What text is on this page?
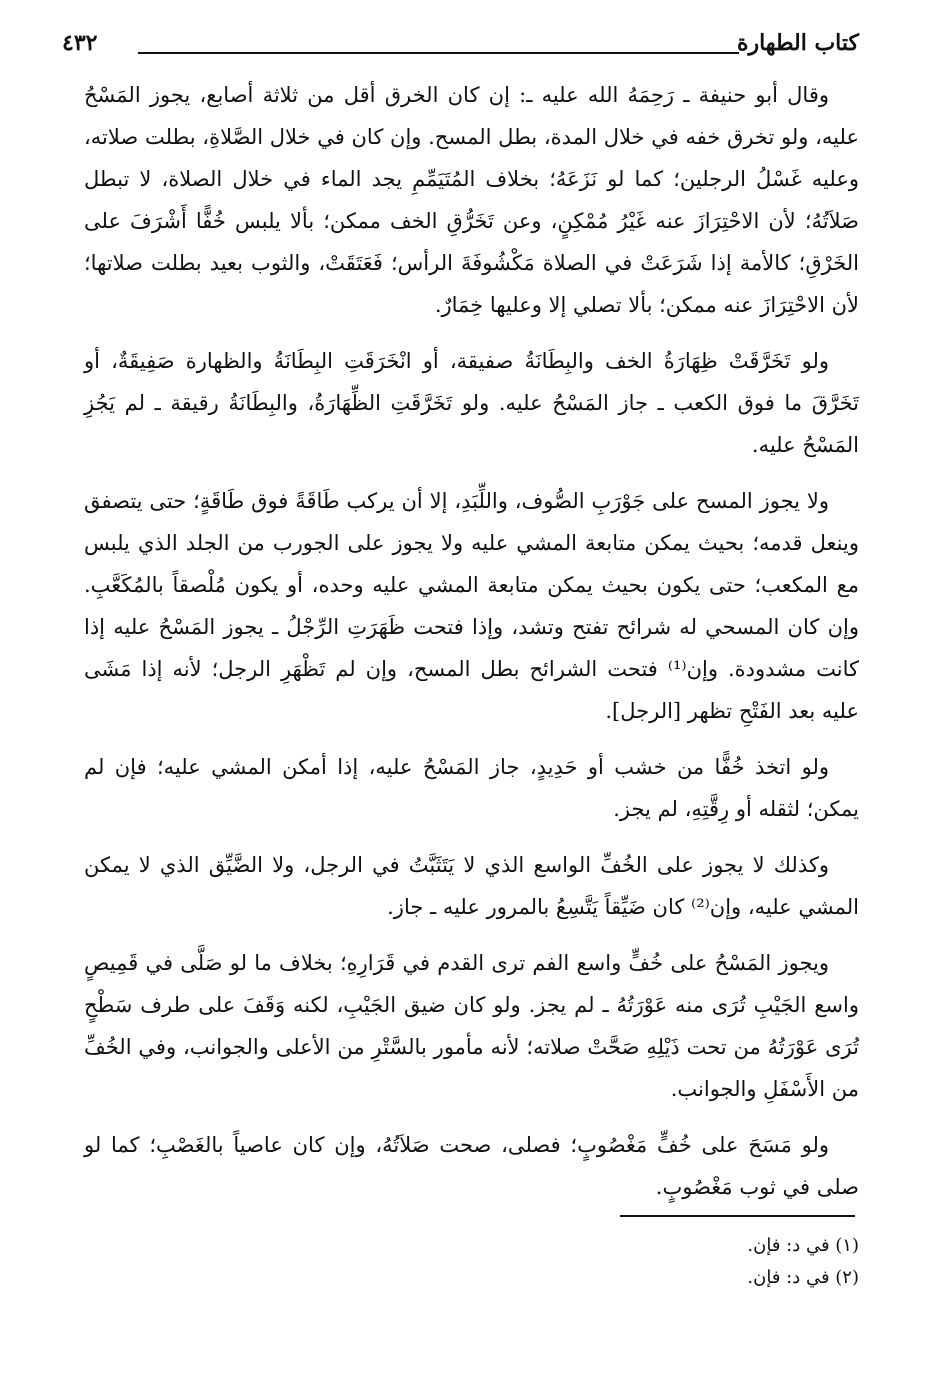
كتاب الطهارة
٤٣٢

وقال أبو حنيفة ـ رَحِمَهُ الله عليه ـ: إن كان الخرق أقل من ثلاثة أصابع، يجوز المَسْحُ عليه، ولو تخرق خفه في خلال المدة، بطل المسح. وإن كان في خلال الصَّلاةِ، بطلت صلاته، وعليه غَسْلُ الرجلين؛ كما لو نَزَعَهُ؛ بخلاف المُتَيَمِّمِ يجد الماء في خلال الصلاة، لا تبطل صَلاَتُهُ؛ لأن الاحْتِرَازَ عنه غَيْرُ مُمْكِنٍ، وعن تَخَرُّقِ الخف ممكن؛ بألا يلبس خُفًّا أَشْرَفَ على الخَرْقِ؛ كالأمة إذا شَرَعَتْ في الصلاة مَكْشُوفَةَ الرأس؛ فَعَتَقَتْ، والثوب بعيد بطلت صلاتها؛ لأن الاحْتِرَازَ عنه ممكن؛ بألا تصلي إلا وعليها خِمَارٌ.

ولو تَخَرَّقَتْ ظِهَارَةُ الخف والبِطَانَةُ صفيقة، أو انْخَرَقَتِ البِطَانَةُ والظهارة صَفِيقَةٌ، أو تَخَرَّقَ ما فوق الكعب ـ جاز المَسْحُ عليه. ولو تَخَرَّقَتِ الظِّهَارَةُ، والبِطَانَةُ رقيقة ـ لم يَجُزِ المَسْحُ عليه.

ولا يجوز المسح على جَوْرَبِ الصُّوف، واللِّبَدِ، إلا أن يركب طَاقَةً فوق طَاقَةٍ؛ حتى يتصفق وينعل قدمه؛ بحيث يمكن متابعة المشي عليه ولا يجوز على الجورب من الجلد الذي يلبس مع المكعب؛ حتى يكون بحيث يمكن متابعة المشي عليه وحده، أو يكون مُلْصقاً بالمُكَعَّبِ. وإن كان المسحي له شرائح تفتح وتشد، وإذا فتحت ظَهَرَتِ الرِّجْلُ ـ يجوز المَسْحُ عليه إذا كانت مشدودة. وإن⁽¹⁾ فتحت الشرائح بطل المسح، وإن لم تَظْهَرِ الرجل؛ لأنه إذا مَشَى عليه بعد الفَتْحِ تظهر [الرجل].

ولو اتخذ خُفًّا من خشب أو حَدِيدٍ، جاز المَسْحُ عليه، إذا أمكن المشي عليه؛ فإن لم يمكن؛ لثقله أو رِقَّتِهِ، لم يجز.

وكذلك لا يجوز على الخُفِّ الواسع الذي لا يَتَثَبَّتُ في الرجل، ولا الضَّيِّق الذي لا يمكن المشي عليه، وإن⁽²⁾ كان ضَيِّقاً يَتَّسِعُ بالمرور عليه ـ جاز.

ويجوز المَسْحُ على خُفٍّ واسع الفم ترى القدم في قَرَارِهِ؛ بخلاف ما لو صَلَّى في قَمِيصٍ واسع الجَيْبِ تُرَى منه عَوْرَتُهُ ـ لم يجز. ولو كان ضيق الجَيْبِ، لكنه وَقَفَ على طرف سَطْحٍ تُرَى عَوْرَتُهُ من تحت ذَيْلِهِ صَحَّتْ صلاته؛ لأنه مأمور بالسَّتْرِ من الأعلى والجوانب، وفي الخُفِّ من الأَسْفَلِ والجوانب.

ولو مَسَحَ على خُفٍّ مَغْصُوبٍ؛ فصلى، صحت صَلاَتُهُ، وإن كان عاصياً بالغَصْبِ؛ كما لو صلى في ثوب مَغْصُوبٍ.

(١) في د: فإن.
(٢) في د: فإن.
